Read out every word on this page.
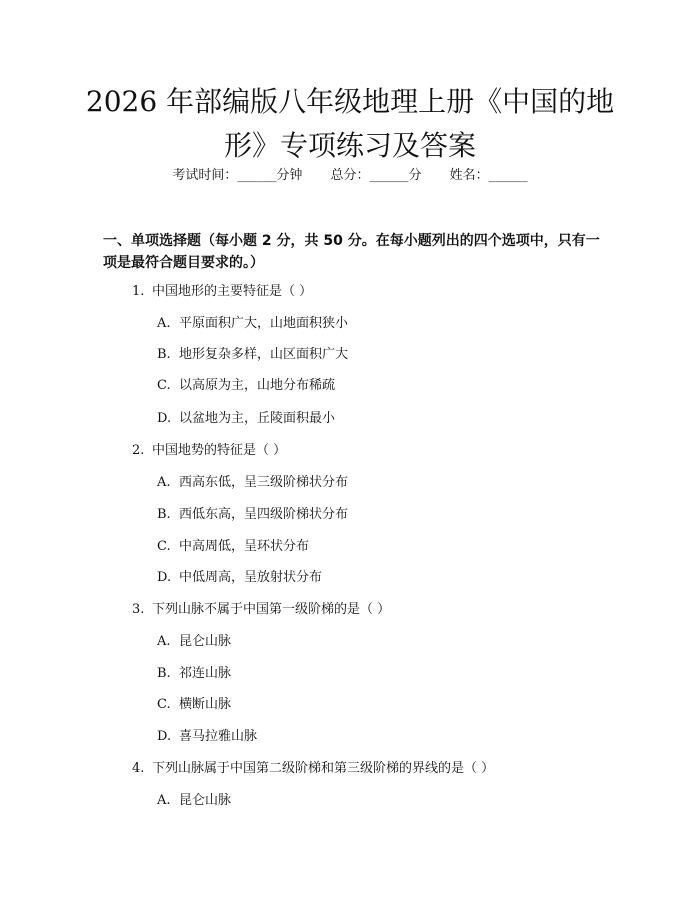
2026 年部编版八年级地理上册《中国的地
形》专项练习及答案
考试时间：______分钟 总分：______分 姓名：______

一、单项选择题（每小题 2 分，共 50 分。在每小题列出的四个选项中，只有一项是最符合题目要求的。）

1. 中国地形的主要特征是（ ）
A. 平原面积广大，山地面积狭小
B. 地形复杂多样，山区面积广大
C. 以高原为主，山地分布稀疏
D. 以盆地为主，丘陵面积最小
2. 中国地势的特征是（ ）
A. 西高东低，呈三级阶梯状分布
B. 西低东高，呈四级阶梯状分布
C. 中高周低，呈环状分布
D. 中低周高，呈放射状分布
3. 下列山脉不属于中国第一级阶梯的是（ ）
A. 昆仑山脉
B. 祁连山脉
C. 横断山脉
D. 喜马拉雅山脉
4. 下列山脉属于中国第二级阶梯和第三级阶梯的界线的是（ ）
A. 昆仑山脉
